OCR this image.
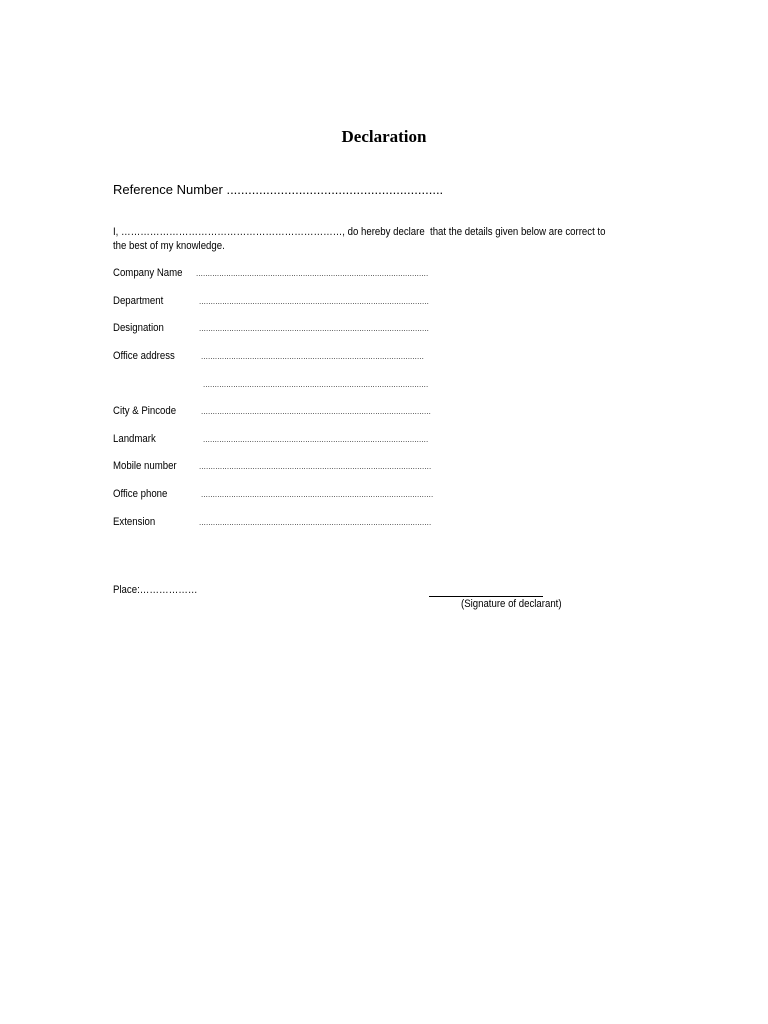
Declaration
Reference Number ............................................................
I, ……………………………………………………………, do hereby declare  that the details given below are correct to
the best of my knowledge.
Company Name ....................................................................................................
Department	...................................................................................................
Designation	...................................................................................................
Office address	................................................................................................
.................................................................................................
City & Pincode	...................................................................................................
Landmark	.................................................................................................
Mobile number	....................................................................................................
Office phone	....................................................................................................
Extension	....................................................................................................
Place:………………
(Signature of declarant)
